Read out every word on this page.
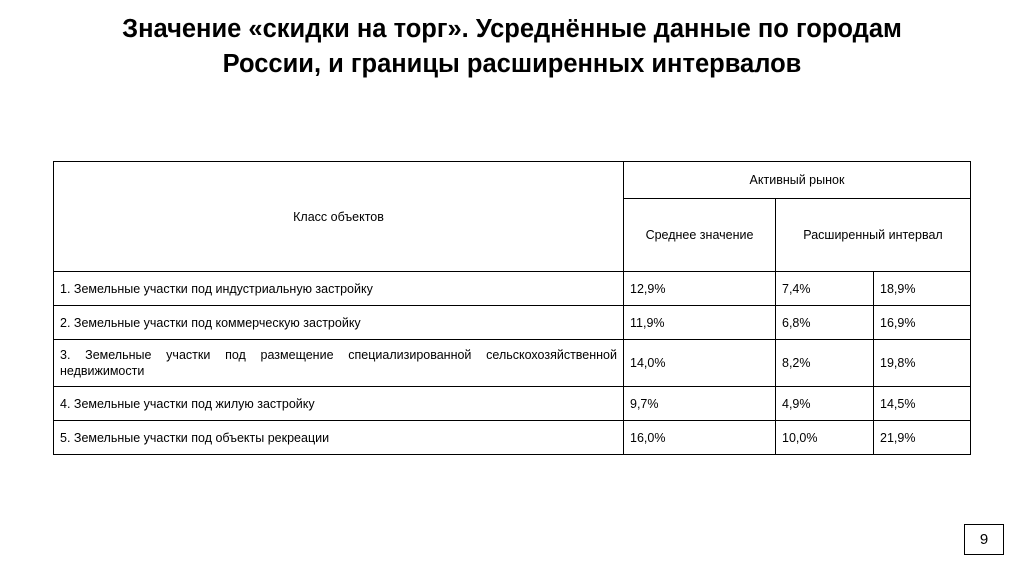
Значение «скидки на торг». Усреднённые данные по городам
России, и границы расширенных интервалов
Класс объектов	Активный рынок		
	Среднее значение	Расширенный интервал	
1. Земельные участки под индустриальную застройку	12,9%	7,4%	18,9%
2. Земельные участки под коммерческую застройку	11,9%	6,8%	16,9%
3. Земельные участки под размещение специализированной сельскохозяйственной недвижимости	14,0%	8,2%	19,8%
4. Земельные участки под жилую застройку	9,7%	4,9%	14,5%
5. Земельные участки под объекты рекреации	16,0%	10,0%	21,9%
9
